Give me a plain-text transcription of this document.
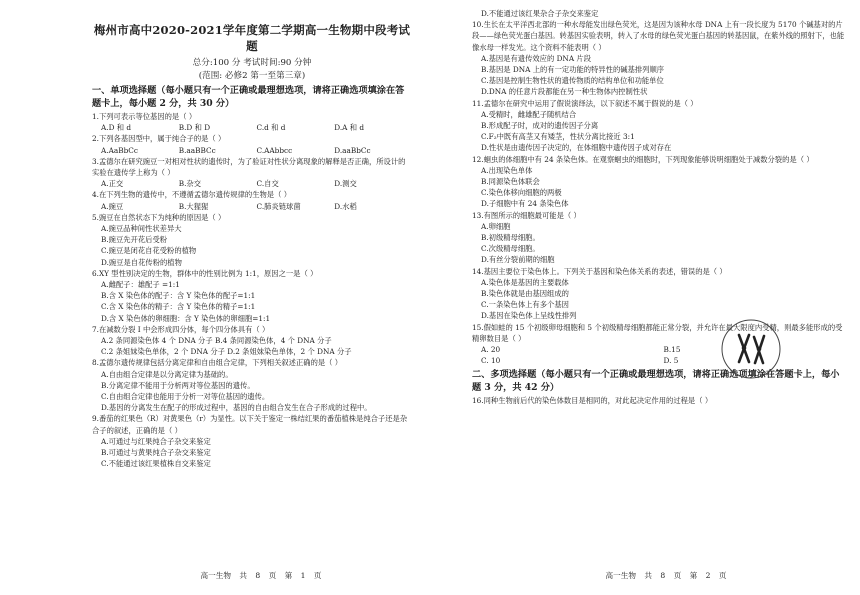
梅州市高中2020-2021学年度第二学期高一生物期中段考试题
总分:100 分 考试时间:90 分钟
(范围: 必修2 第一至第三章)
一、单项选择题（每小题只有一个正确或最理想选项，请将正确选项填涂在答题卡上，每小题 2 分，共 30 分）
1.下列可表示等位基因的是（ ）
A.D 和 d	B.D 和 D	C.d 和 d	D.A 和 d
2.下列各基因型中，属于纯合子的是（ ）
A.AaBbCc	B.aaBBCc	C.AAbbcc	D.aaBbCc
3.孟德尔在研究豌豆一对相对性状的遗传时，为了验证对性状分离现象的解释是否正确，所设计的实验在遗传学上称为（ ）
A.正交	B.杂交	C.自交	D.测交
4.在下列生物的遗传中，不遵循孟德尔遗传规律的生物是（ ）
A.豌豆	B.大猩猩	C.肺炎链球菌	D.水稻
5.豌豆在自然状态下为纯种的原因是（ ）
A.豌豆品种间性状差异大
B.豌豆先开花后受粉
C.豌豆是闭花自花受粉的植物
D.豌豆是自花传粉的植物
6.XY 型性别决定的生物，群体中的性别比例为 1:1，原因之一是（ ）
A.雌配子：雄配子 =1:1
B.含 X 染色体的配子：含 Y 染色体的配子=1:1
C.含 X 染色体的精子：含 Y 染色体的精子=1:1
D.含 X 染色体的卵细胞：含 Y 染色体的卵细胞=1:1
7.在减数分裂 I 中会形成四分体，每个四分体具有（ ）
A.2 条同源染色体 4 个 DNA 分子 B.4 条同源染色体，4 个 DNA 分子
C.2 条姐妹染色单体，2 个 DNA 分子 D.2 条姐妹染色单体，2 个 DNA 分子
8.孟德尔遗传规律包括分离定律和自由组合定律，下列相关叙述正确的是（ ）
A.自由组合定律是以分离定律为基础的。
B.分离定律不能用于分析两对等位基因的遗传。
C.自由组合定律也能用于分析一对等位基因的遗传。
D.基因的分离发生在配子的形成过程中，基因的自由组合发生在合子形成的过程中。
9.番茄的红果色（R）对黄果色（r）为显性。以下关于鉴定一株结红果的番茄植株是纯合子还是杂合子的叙述，正确的是（ ）
A.可通过与红果纯合子杂交来鉴定
B.可通过与黄果纯合子杂交来鉴定
C.不能通过该红果植株自交来鉴定
高一生物 共 8 页 第 1 页
D.不能通过该红果杂合子杂交来鉴定
10.生长在太平洋西北部的一种水母能发出绿色荧光，这是因为该种水母 DNA 上有一段长度为 5170 个碱基对的片段——绿色荧光蛋白基因。转基因实验表明，转入了水母的绿色荧光蛋白基因的转基因鼠，在紫外线的照射下，也能像水母一样发光。这个资料不能表明（ ）
A.基因是有遗传效应的 DNA 片段
B.基因是 DNA 上的有一定功能的特异性的碱基排列顺序
C.基因是控制生物性状的遗传物质的结构单位和功能单位
D.DNA 的任意片段都能在另一种生物体内控制性状
11.孟德尔在研究中运用了假说演绎法，以下叙述不属于假说的是（ ）
A.受精时，雌雄配子随机结合
B.形成配子时，成对的遗传因子分离
C.F₂中既有高茎又有矮茎，性状分离比接近 3:1
D.性状是由遗传因子决定的，在体细胞中遗传因子成对存在
12.蛔虫的体细胞中有 24 条染色体。在观察蛔虫的细胞时，下列现象能够说明细胞处于减数分裂的是（ ）
A.出现染色单体
B.同源染色体联会
C.染色体移向细胞的两极
D.子细胞中有 24 条染色体
13.有图所示的细胞最可能是（ ）
A.卵细胞
B.初级精母细胞。
C.次级精母细胞。
D.有丝分裂前期的细胞
14.基因主要位于染色体上。下列关于基因和染色体关系的表述，错误的是（ ）
A.染色体是基因的主要载体
B.染色体就是由基因组成的
C.一条染色体上有多个基因
D.基因在染色体上呈线性排列
15.假如蛙的 15 个初级卵母细胞和 5 个初级精母细胞都能正常分裂，并允许在最大限度内受精，则最多能形成的受精卵数目是（ ）
A. 20	B.15
C. 10	D. 5
二、多项选择题（每小题只有一个正确或最理想选项，请将正确选项填涂在答题卡上，每小题 3 分，共 42 分）
16.同种生物前后代的染色体数目是相同的，对此起决定作用的过程是（ ）
高一生物 共 8 页 第 2 页
